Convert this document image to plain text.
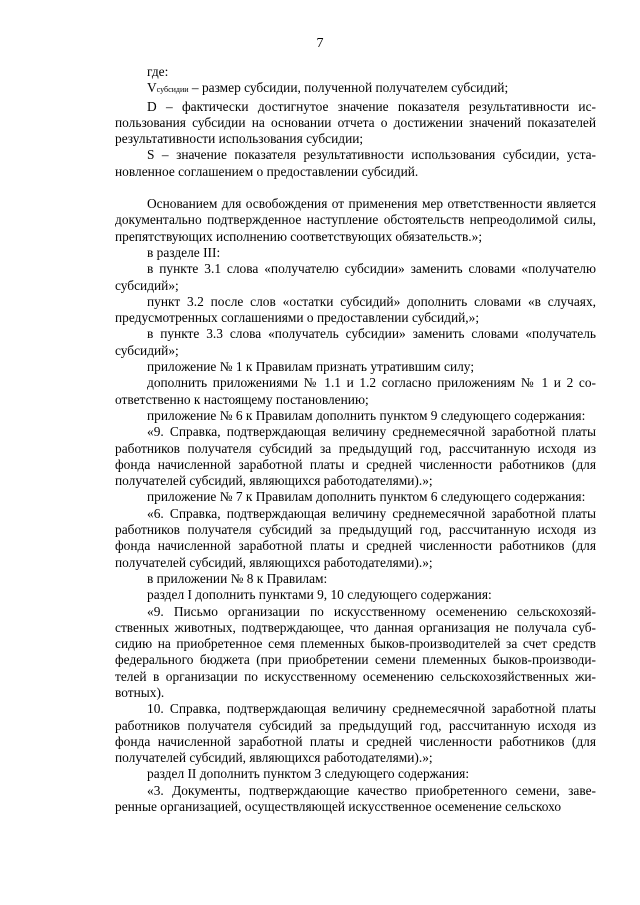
7

где:

Vсубсидии – размер субсидии, полученной получателем субсидий;

D – фактически достигнутое значение показателя результативности использования субсидии на основании отчета о достижении значений показателей результативности использования субсидии;

S – значение показателя результативности использования субсидии, установленное соглашением о предоставлении субсидий.

Основанием для освобождения от применения мер ответственности является документально подтвержденное наступление обстоятельств непреодолимой силы, препятствующих исполнению соответствующих обязательств.»;

в разделе III:

в пункте 3.1 слова «получателю субсидии» заменить словами «получателю субсидий»;

пункт 3.2 после слов «остатки субсидий» дополнить словами «в случаях, предусмотренных соглашениями о предоставлении субсидий,»;

в пункте 3.3 слова «получатель субсидии» заменить словами «получатель субсидий»;

приложение № 1 к Правилам признать утратившим силу;

дополнить приложениями № 1.1 и 1.2 согласно приложениям № 1 и 2 соответственно к настоящему постановлению;

приложение № 6 к Правилам дополнить пунктом 9 следующего содержания:

«9. Справка, подтверждающая величину среднемесячной заработной платы работников получателя субсидий за предыдущий год, рассчитанную исходя из фонда начисленной заработной платы и средней численности работников (для получателей субсидий, являющихся работодателями).»;

приложение № 7 к Правилам дополнить пунктом 6 следующего содержания:

«6. Справка, подтверждающая величину среднемесячной заработной платы работников получателя субсидий за предыдущий год, рассчитанную исходя из фонда начисленной заработной платы и средней численности работников (для получателей субсидий, являющихся работодателями).»;

в приложении № 8 к Правилам:

раздел I дополнить пунктами 9, 10 следующего содержания:

«9. Письмо организации по искусственному осеменению сельскохозяйственных животных, подтверждающее, что данная организация не получала субсидию на приобретенное семя племенных быков-производителей за счет средств федерального бюджета (при приобретении семени племенных быков-производителей в организации по искусственному осеменению сельскохозяйственных животных).

10. Справка, подтверждающая величину среднемесячной заработной платы работников получателя субсидий за предыдущий год, рассчитанную исходя из фонда начисленной заработной платы и средней численности работников (для получателей субсидий, являющихся работодателями).»;

раздел II дополнить пунктом 3 следующего содержания:

«3. Документы, подтверждающие качество приобретенного семени, заверенные организацией, осуществляющей искусственное осеменение сельскохо
